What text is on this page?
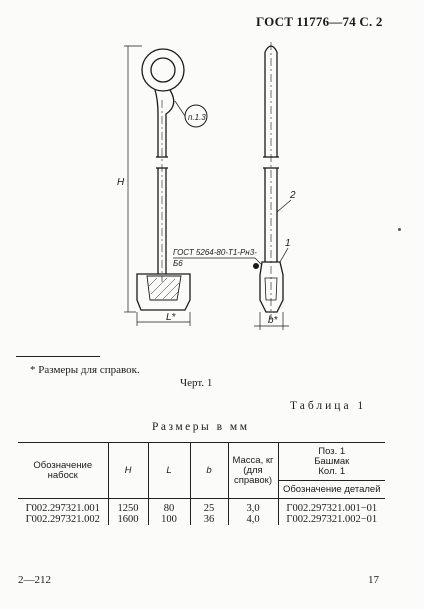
ГОСТ 11776—74 С. 2
п.1.3
H
L*	b*
ГОСТ 5264-80-Т1-Рн3-
Б6
1
2
* Размеры для справок.
Черт. 1
Таблица 1
Размеры в мм
Обозначение набоск	H	L	b	Масса, кг (для справок)	Поз. 1
					Башмак
					Кол. 1
					Обозначение деталей
Г002.297321.001	1250	80	25	3,0	Г002.297321.001−01
Г002.297321.002	1600	100	36	4,0	Г002.297321.002−01
2—212	17
